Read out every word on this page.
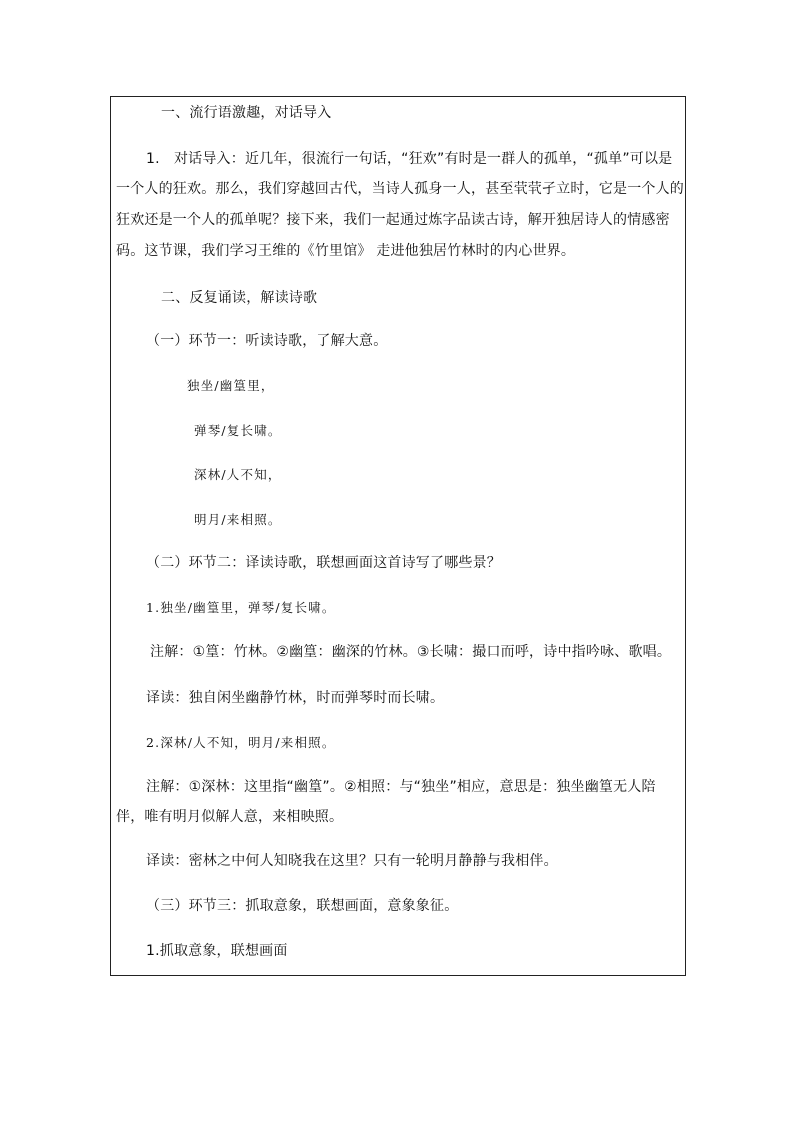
一、流行语激趣，对话导入
1.　对话导入：近几年，很流行一句话，“狂欢”有时是一群人的孤单，“孤单”可以是
一个人的狂欢。那么，我们穿越回古代，当诗人孤身一人，甚至茕茕孑立时，它是一个人的
狂欢还是一个人的孤单呢？接下来，我们一起通过炼字品读古诗，解开独居诗人的情感密
码。这节课，我们学习王维的《竹里馆》 走进他独居竹林时的内心世界。
二、反复诵读，解读诗歌
（一）环节一：听读诗歌，了解大意。
独坐/幽篁里，
弹琴/复长啸。
深林/人不知，
明月/来相照。
（二）环节二：译读诗歌，联想画面这首诗写了哪些景？
1.独坐/幽篁里，弹琴/复长啸。
注解：①篁：竹林。②幽篁：幽深的竹林。③长啸：撮口而呼，诗中指吟咏、歌唱。
译读：独自闲坐幽静竹林，时而弹琴时而长啸。
2.深林/人不知，明月/来相照。
注解：①深林：这里指“幽篁”。②相照：与“独坐”相应，意思是：独坐幽篁无人陪
伴，唯有明月似解人意，来相映照。
译读：密林之中何人知晓我在这里？只有一轮明月静静与我相伴。
（三）环节三：抓取意象，联想画面，意象象征。
1.抓取意象，联想画面
